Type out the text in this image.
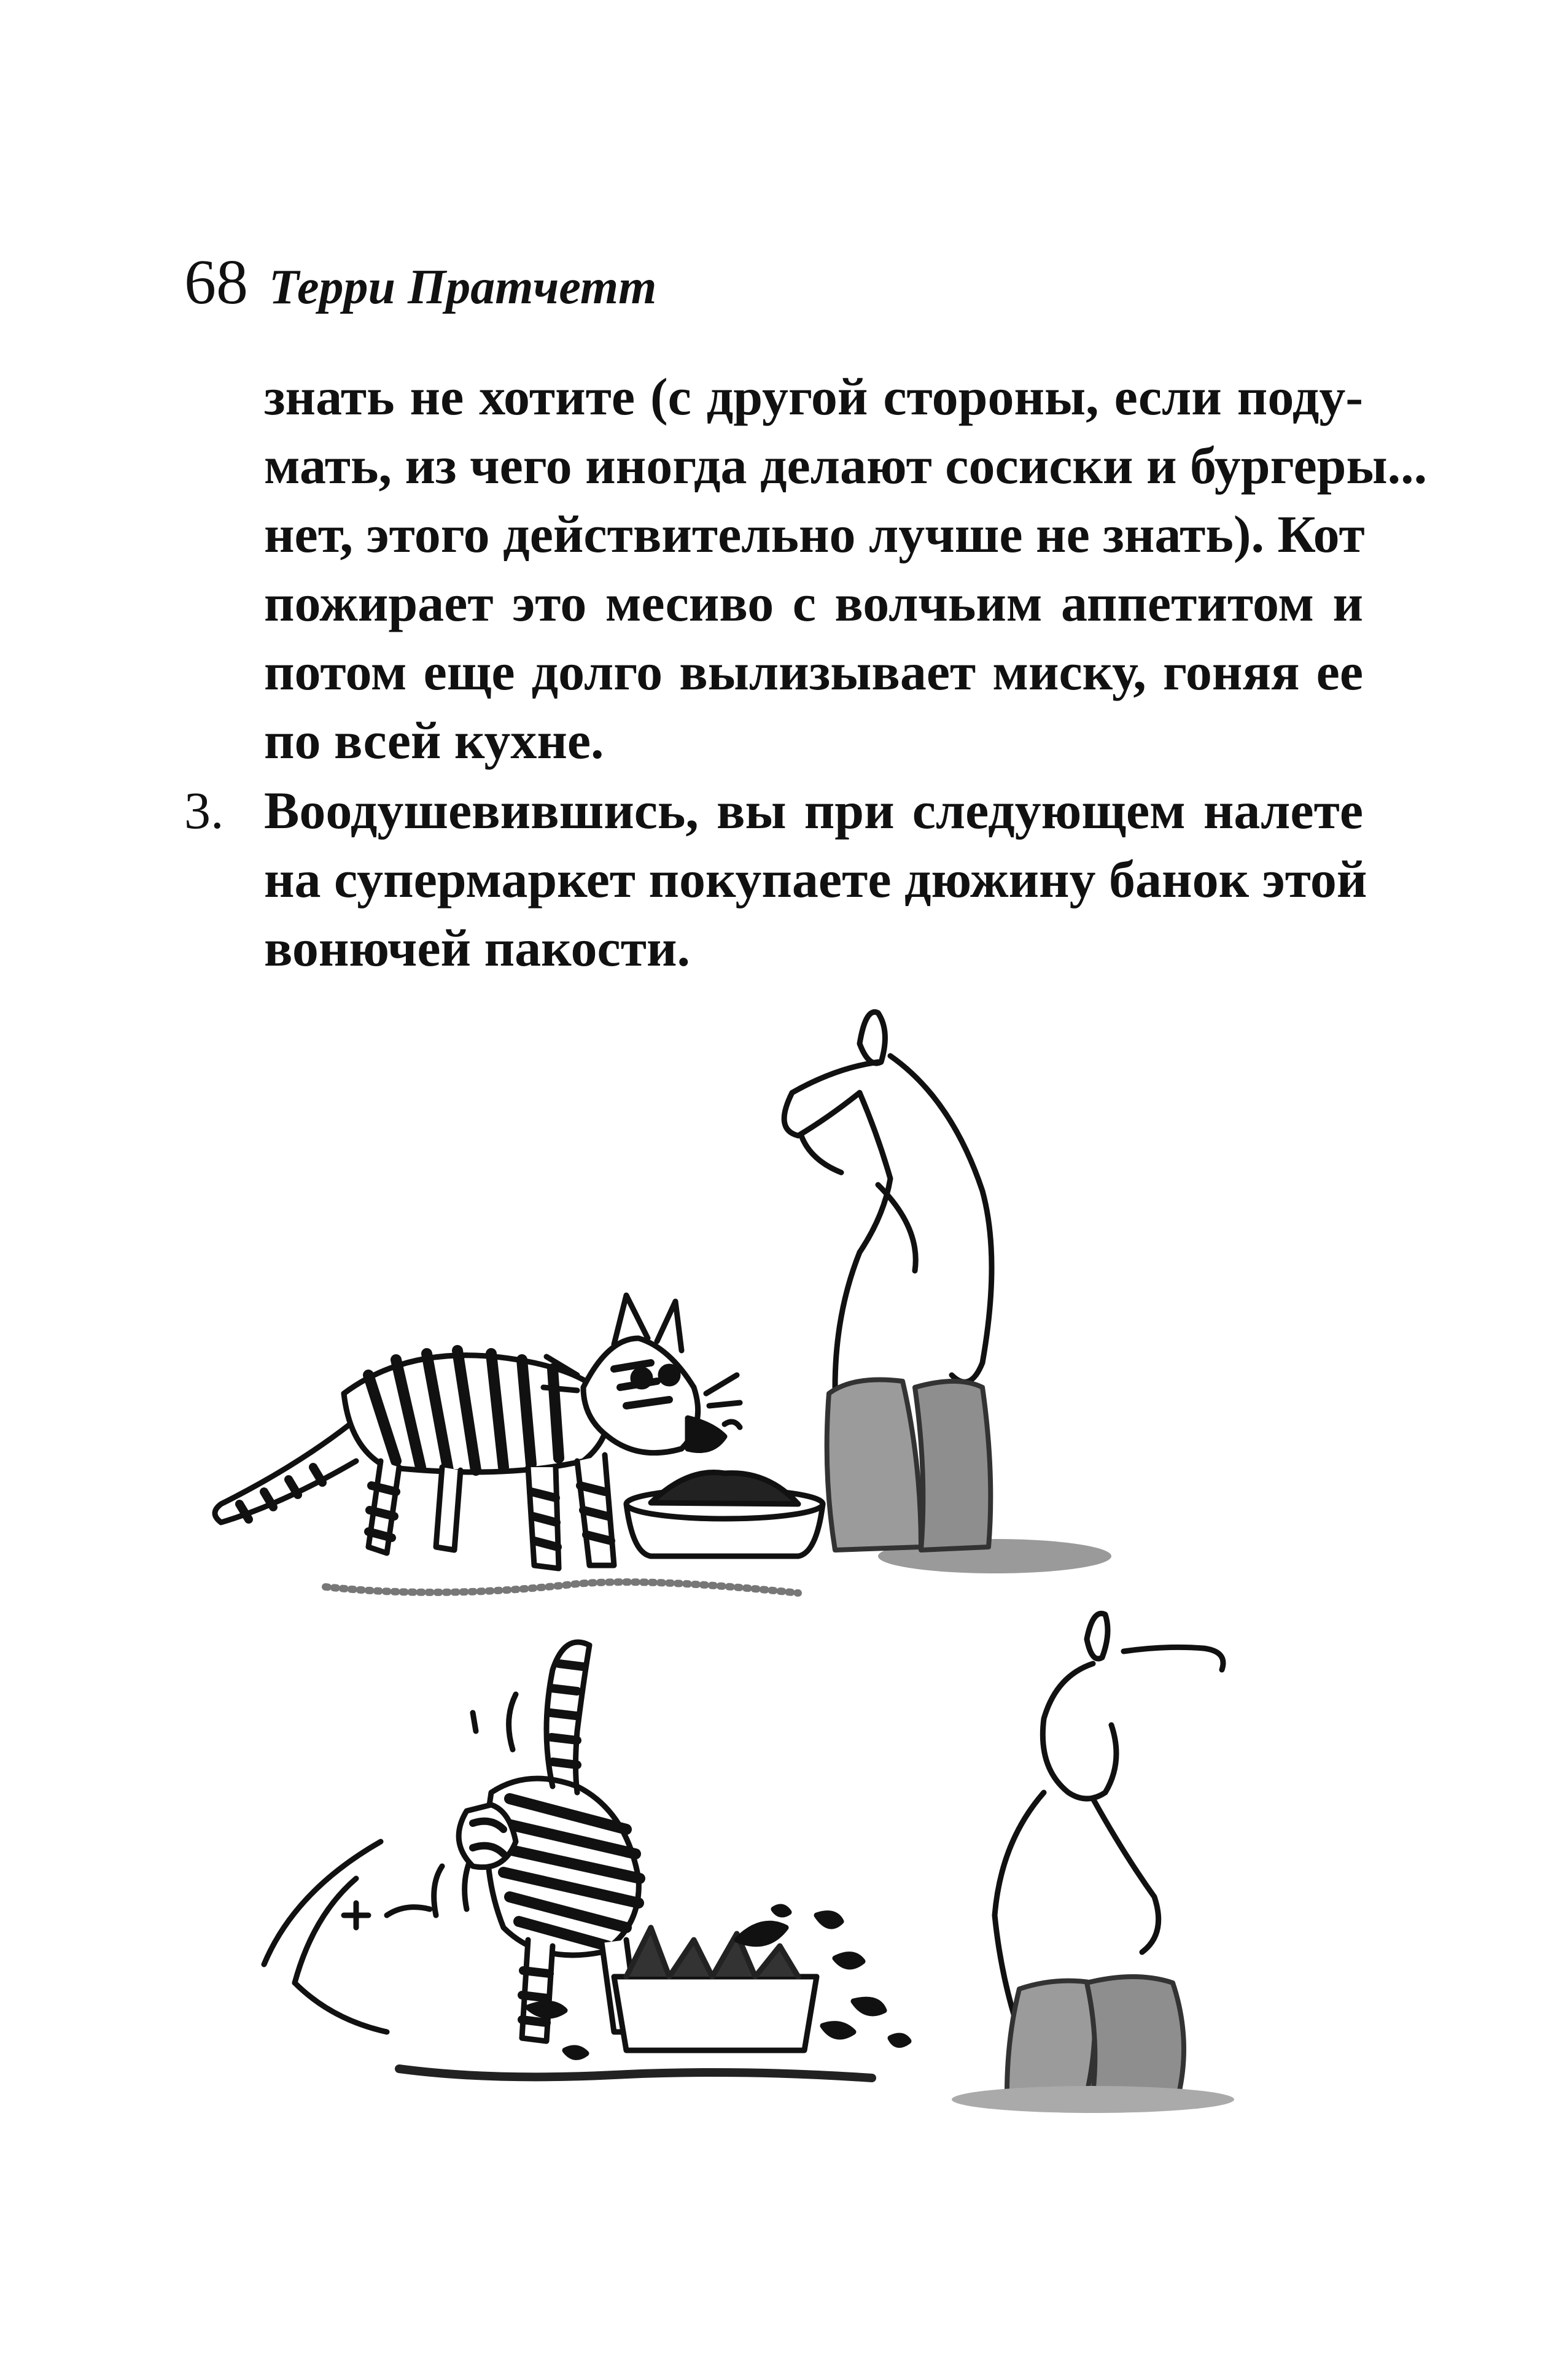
68 Терри Пратчетт
знать не хотите (с другой стороны, если поду-
мать, из чего иногда делают сосиски и бургеры...
нет, этого действительно лучше не знать). Кот
пожирает это месиво с волчьим аппетитом и
потом еще долго вылизывает миску, гоняя ее
по всей кухне.
3. Воодушевившись, вы при следующем налете
на супермаркет покупаете дюжину банок этой
вонючей пакости.
